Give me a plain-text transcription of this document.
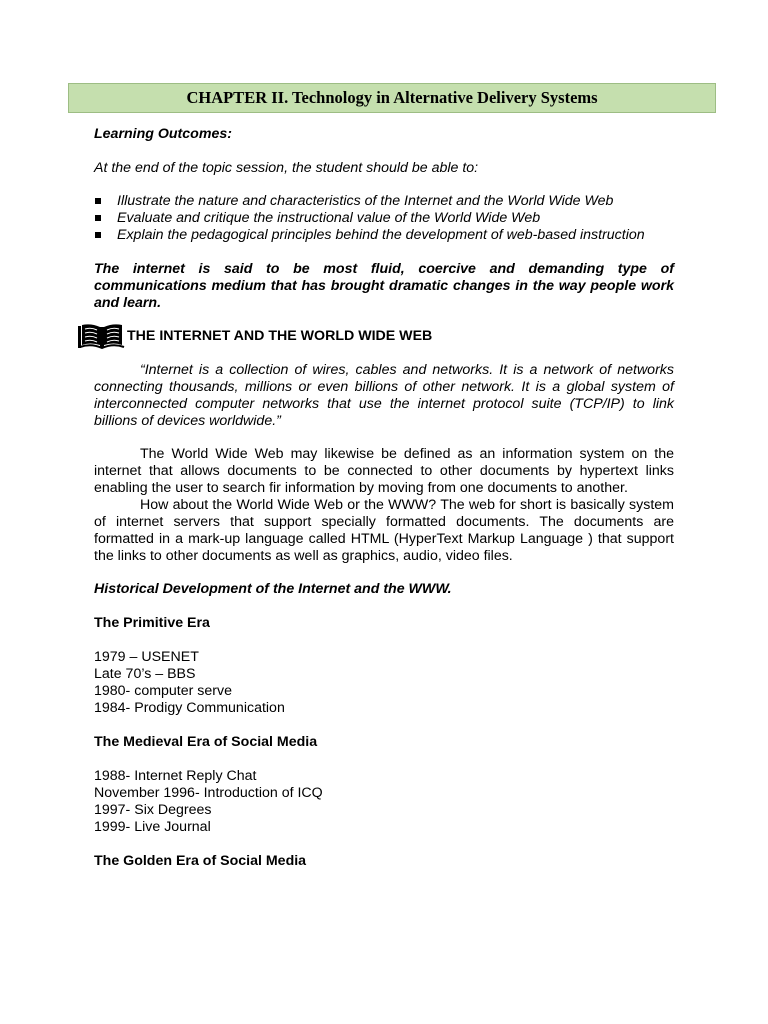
CHAPTER II. Technology in Alternative Delivery Systems

Learning Outcomes:

At the end of the topic session, the student should be able to:

Illustrate the nature and characteristics of the Internet and the World Wide Web
Evaluate and critique the instructional value of the World Wide Web
Explain the pedagogical principles behind the development of web-based instruction

The internet is said to be most fluid, coercive and demanding type of communications medium that has brought dramatic changes in the way people work and learn.

THE INTERNET AND THE WORLD WIDE WEB

“Internet is a collection of wires, cables and networks. It is a network of networks connecting thousands, millions or even billions of other network. It is a global system of interconnected computer networks that use the internet protocol suite (TCP/IP) to link billions of devices worldwide.”

The World Wide Web may likewise be defined as an information system on the internet that allows documents to be connected to other documents by hypertext links enabling the user to search fir information by moving from one documents to another.

How about the World Wide Web or the WWW? The web for short is basically system of internet servers that support specially formatted documents. The documents are formatted in a mark-up language called HTML (HyperText Markup Language ) that support the links to other documents as well as graphics, audio, video files.

Historical Development of the Internet and the WWW.

The Primitive Era

1979 – USENET
Late 70’s – BBS
1980- computer serve
1984- Prodigy Communication

The Medieval Era of Social Media

1988- Internet Reply Chat
November 1996- Introduction of ICQ
1997- Six Degrees
1999- Live Journal

The Golden Era of Social Media
